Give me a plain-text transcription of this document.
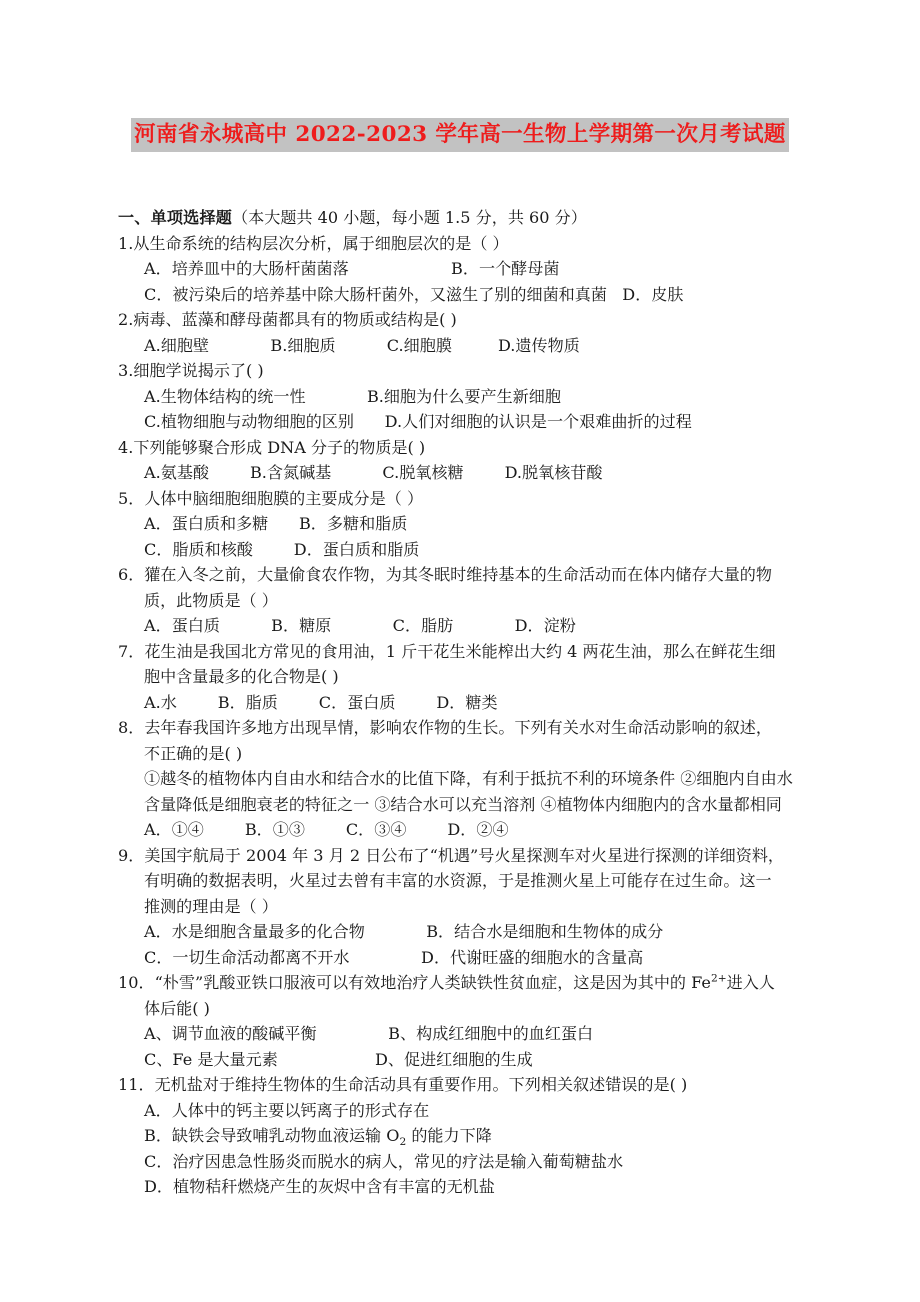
河南省永城高中 2022-2023 学年高一生物上学期第一次月考试题

一、单项选择题（本大题共 40 小题，每小题 1.5 分，共 60 分）

1.从生命系统的结构层次分析，属于细胞层次的是（ ）

A．培养皿中的大肠杆菌菌落                    B．一个酵母菌
C．被污染后的培养基中除大肠杆菌外，又滋生了别的细菌和真菌   D．皮肤

2.病毒、蓝藻和酵母菌都具有的物质或结构是( )

A.细胞壁            B.细胞质          C.细胞膜         D.遗传物质

3.细胞学说揭示了( )

A.生物体结构的统一性            B.细胞为什么要产生新细胞
C.植物细胞与动物细胞的区别      D.人们对细胞的认识是一个艰难曲折的过程

4.下列能够聚合形成 DNA 分子的物质是( )

A.氨基酸        B.含氮碱基          C.脱氧核糖        D.脱氧核苷酸

5．人体中脑细胞细胞膜的主要成分是（ ）

A．蛋白质和多糖      B．多糖和脂质
C．脂质和核酸        D．蛋白质和脂质

6．獾在入冬之前，大量偷食农作物，为其冬眠时维持基本的生命活动而在体内储存大量的物

质，此物质是（ ）

A．蛋白质          B．糖原            C．脂肪            D．淀粉

7．花生油是我国北方常见的食用油，1 斤干花生米能榨出大约 4 两花生油，那么在鲜花生细

胞中含量最多的化合物是( )

A.水        B．脂质        C．蛋白质        D．糖类

8．去年春我国许多地方出现旱情，影响农作物的生长。下列有关水对生命活动影响的叙述，

不正确的是( )

①越冬的植物体内自由水和结合水的比值下降，有利于抵抗不利的环境条件 ②细胞内自由水含量降低是细胞衰老的特征之一 ③结合水可以充当溶剂 ④植物体内细胞内的含水量都相同

A．①④        B．①③        C．③④        D．②④

9．美国宇航局于 2004 年 3 月 2 日公布了“机遇”号火星探测车对火星进行探测的详细资料，

有明确的数据表明，火星过去曾有丰富的水资源，于是推测火星上可能存在过生命。这一

推测的理由是（ ）

A．水是细胞含量最多的化合物            B．结合水是细胞和生物体的成分
C．一切生命活动都离不开水              D．代谢旺盛的细胞水的含量高

10．“朴雪”乳酸亚铁口服液可以有效地治疗人类缺铁性贫血症，这是因为其中的 $Fe^{2+}$进入人

体后能( )

A、调节血液的酸碱平衡              B、构成红细胞中的血红蛋白
C、Fe 是大量元素                   D、促进红细胞的生成

11．无机盐对于维持生物体的生命活动具有重要作用。下列相关叙述错误的是( )

A．人体中的钙主要以钙离子的形式存在
B．缺铁会导致哺乳动物血液运输 $O_2$ 的能力下降
C．治疗因患急性肠炎而脱水的病人，常见的疗法是输入葡萄糖盐水
D．植物秸秆燃烧产生的灰烬中含有丰富的无机盐
